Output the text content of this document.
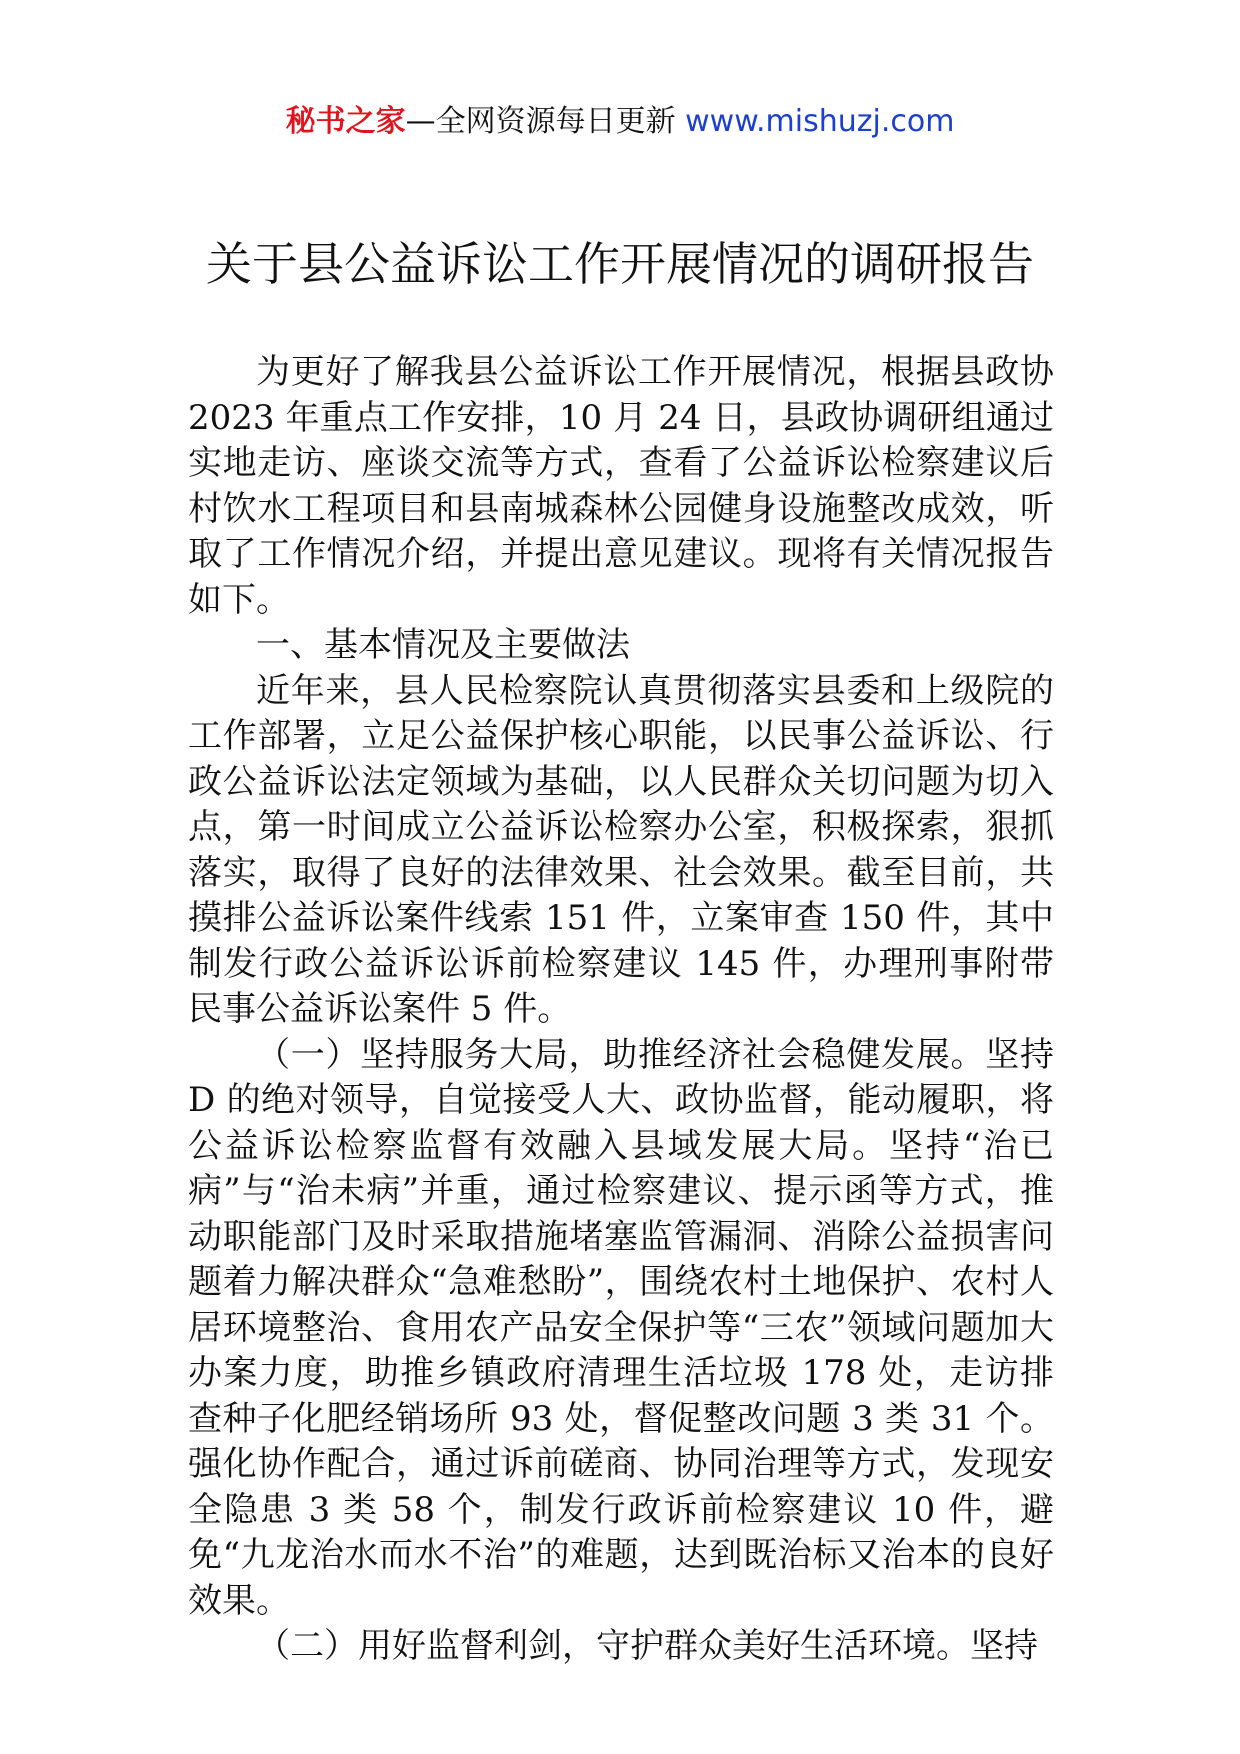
秘书之家—全网资源每日更新 www.mishuzj.com
关于县公益诉讼工作开展情况的调研报告

为更好了解我县公益诉讼工作开展情况，根据县政协 2023 年重点工作安排，10 月 24 日，县政协调研组通过实地走访、座谈交流等方式，查看了公益诉讼检察建议后村饮水工程项目和县南城森林公园健身设施整改成效，听取了工作情况介绍，并提出意见建议。现将有关情况报告如下。

一、基本情况及主要做法

近年来，县人民检察院认真贯彻落实县委和上级院的工作部署，立足公益保护核心职能，以民事公益诉讼、行政公益诉讼法定领域为基础，以人民群众关切问题为切入点，第一时间成立公益诉讼检察办公室，积极探索，狠抓落实，取得了良好的法律效果、社会效果。截至目前，共摸排公益诉讼案件线索 151 件，立案审查 150 件，其中制发行政公益诉讼诉前检察建议 145 件，办理刑事附带民事公益诉讼案件 5 件。

（一）坚持服务大局，助推经济社会稳健发展。坚持 D 的绝对领导，自觉接受人大、政协监督，能动履职，将公益诉讼检察监督有效融入县域发展大局。坚持“治已病”与“治未病”并重，通过检察建议、提示函等方式，推动职能部门及时采取措施堵塞监管漏洞、消除公益损害问题着力解决群众“急难愁盼”，围绕农村土地保护、农村人居环境整治、食用农产品安全保护等“三农”领域问题加大办案力度，助推乡镇政府清理生活垃圾 178 处，走访排查种子化肥经销场所 93 处，督促整改问题 3 类 31 个。强化协作配合，通过诉前磋商、协同治理等方式，发现安全隐患 3 类 58 个，制发行政诉前检察建议 10 件，避免“九龙治水而水不治”的难题，达到既治标又治本的良好效果。

（二）用好监督利剑，守护群众美好生活环境。坚持
